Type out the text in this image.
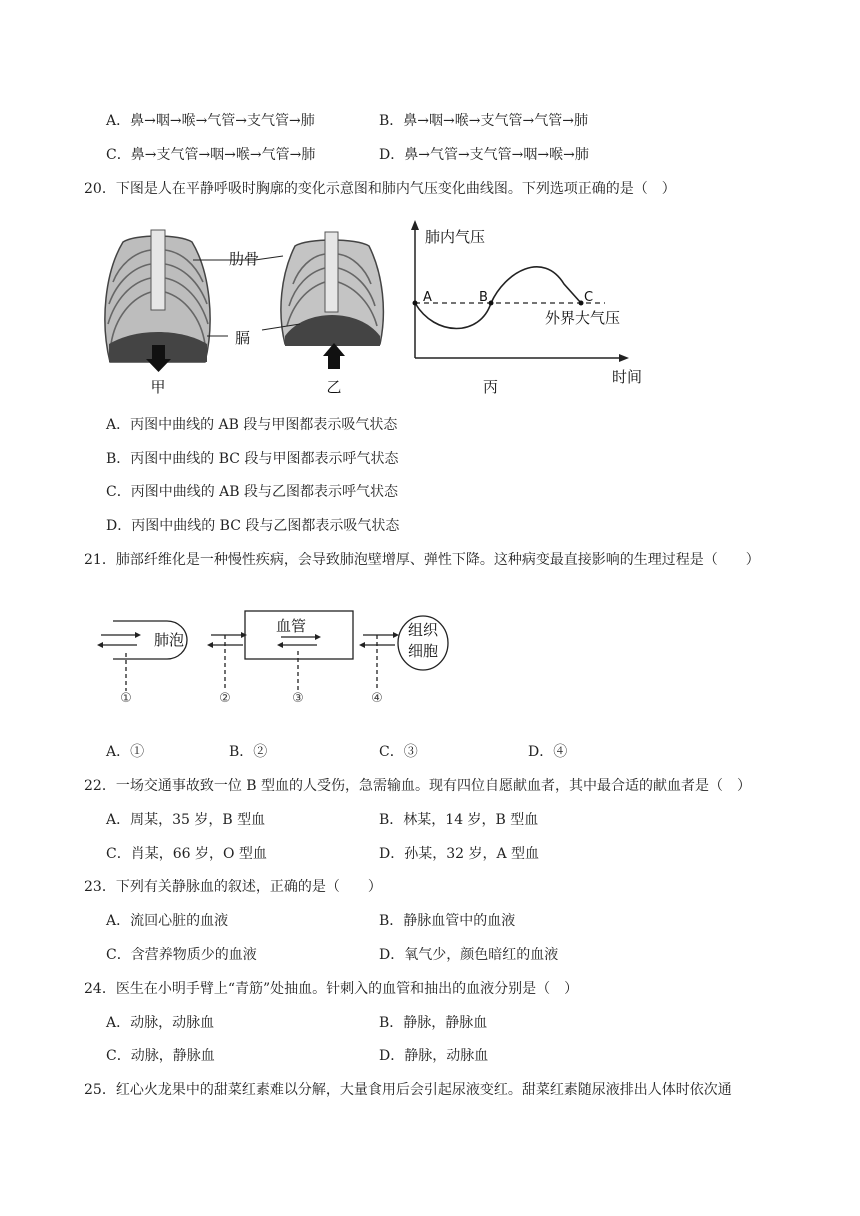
A．鼻→咽→喉→气管→支气管→肺	B．鼻→咽→喉→支气管→气管→肺
C．鼻→支气管→咽→喉→气管→肺	D．鼻→气管→支气管→咽→喉→肺
20．下图是人在平静呼吸时胸廓的变化示意图和肺内气压变化曲线图。下列选项正确的是（　）
甲	乙
肋骨
膈
肺内气压
时间
外界大气压
A	B	C
丙
A．丙图中曲线的 AB 段与甲图都表示吸气状态
B．丙图中曲线的 BC 段与甲图都表示呼气状态
C．丙图中曲线的 AB 段与乙图都表示呼气状态
D．丙图中曲线的 BC 段与乙图都表示吸气状态
21．肺部纤维化是一种慢性疾病，会导致肺泡壁增厚、弹性下降。这种病变最直接影响的生理过程是（　　）
肺泡
血管	组织
细胞
①	②	③	④
A．①	B．②	C．③	D．④
22．一场交通事故致一位 B 型血的人受伤，急需输血。现有四位自愿献血者，其中最合适的献血者是（　）
A．周某，35 岁，B 型血	B．林某，14 岁，B 型血
C．肖某，66 岁，O 型血	D．孙某，32 岁，A 型血
23．下列有关静脉血的叙述，正确的是（　　）
A．流回心脏的血液	B．静脉血管中的血液
C．含营养物质少的血液	D．氧气少，颜色暗红的血液
24．医生在小明手臂上“青筋”处抽血。针刺入的血管和抽出的血液分别是（　）
A．动脉，动脉血	B．静脉，静脉血
C．动脉，静脉血	D．静脉，动脉血
25．红心火龙果中的甜菜红素难以分解，大量食用后会引起尿液变红。甜菜红素随尿液排出人体时依次通
